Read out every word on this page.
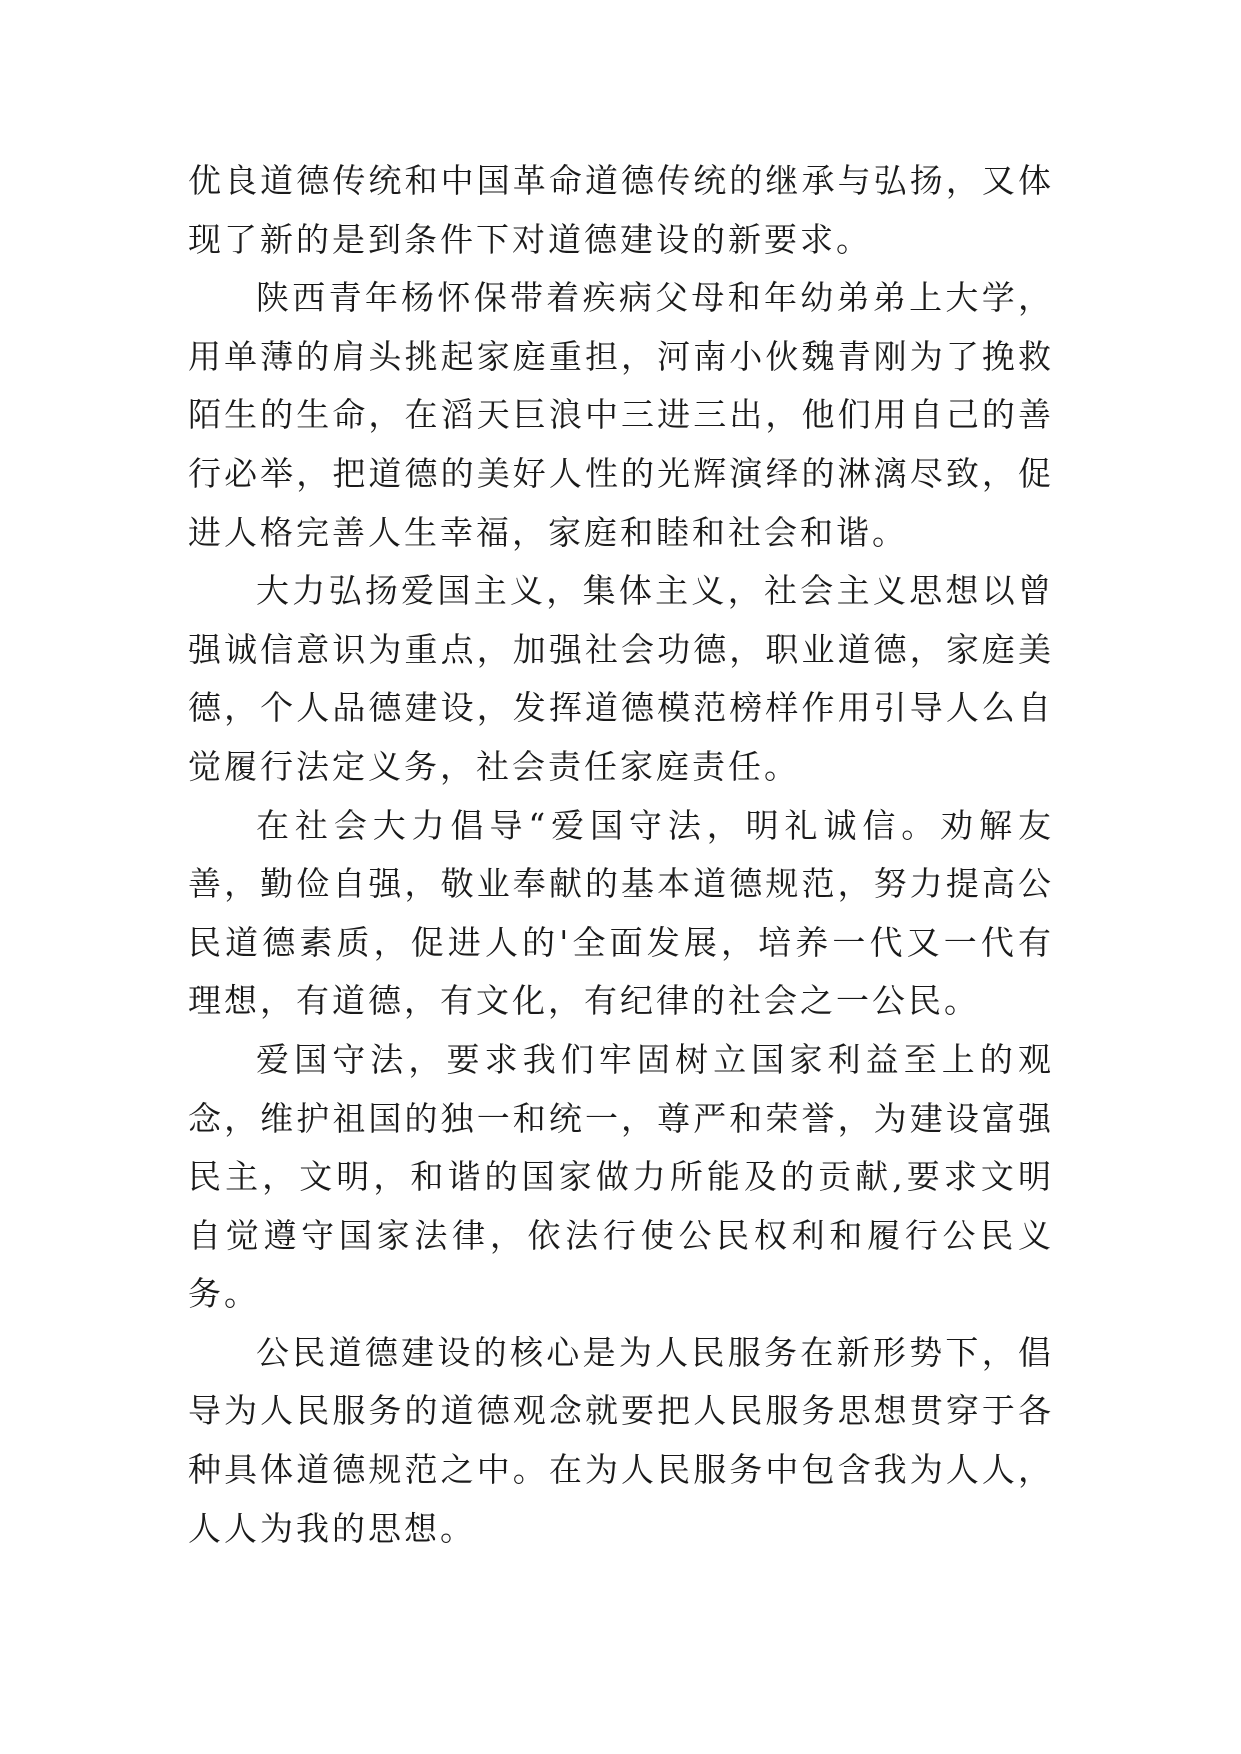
优良道德传统和中国革命道德传统的继承与弘扬，又体现了新的是到条件下对道德建设的新要求。

陕西青年杨怀保带着疾病父母和年幼弟弟上大学，用单薄的肩头挑起家庭重担，河南小伙魏青刚为了挽救陌生的生命，在滔天巨浪中三进三出，他们用自己的善行必举，把道德的美好人性的光辉演绎的淋漓尽致，促进人格完善人生幸福，家庭和睦和社会和谐。

大力弘扬爱国主义，集体主义，社会主义思想以曾强诚信意识为重点，加强社会功德，职业道德，家庭美德，个人品德建设，发挥道德模范榜样作用引导人么自觉履行法定义务，社会责任家庭责任。

在社会大力倡导“爱国守法，明礼诚信。劝解友善，勤俭自强，敬业奉献的基本道德规范，努力提高公民道德素质，促进人的'全面发展，培养一代又一代有理想，有道德，有文化，有纪律的社会之一公民。

爱国守法，要求我们牢固树立国家利益至上的观念，维护祖国的独一和统一，尊严和荣誉，为建设富强民主，文明，和谐的国家做力所能及的贡献,要求文明自觉遵守国家法律，依法行使公民权利和履行公民义务。

公民道德建设的核心是为人民服务在新形势下，倡导为人民服务的道德观念就要把人民服务思想贯穿于各种具体道德规范之中。在为人民服务中包含我为人人，人人为我的思想。
